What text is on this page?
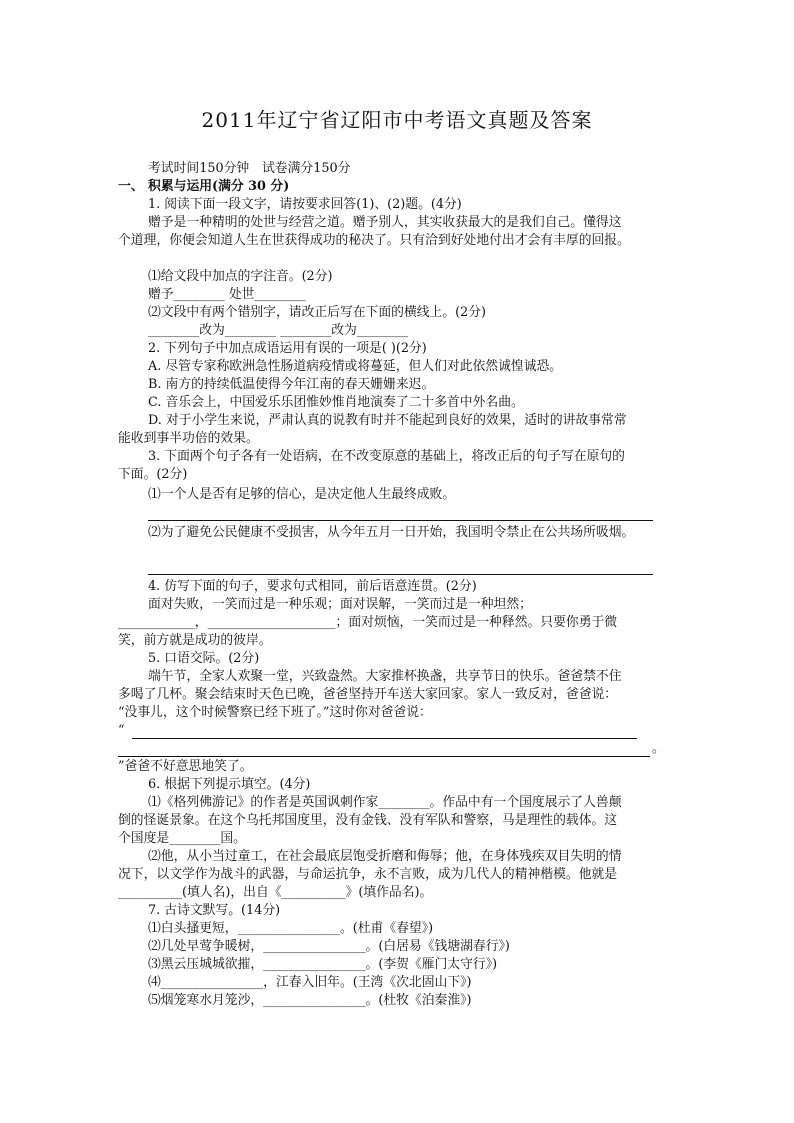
2011年辽宁省辽阳市中考语文真题及答案
考试时间150分钟　试卷满分150分
一、 积累与运用(满分 30 分)
1. 阅读下面一段文字，请按要求回答(1)、(2)题。(4分)
赠予是一种精明的处世与经营之道。赠予别人，其实收获最大的是我们自己。懂得这
个道理，你便会知道人生在世获得成功的秘决了。只有洽到好处地付出才会有丰厚的回报。
⑴给文段中加点的字注音。(2分)
赠予________ 处世________
⑵文段中有两个错别字，请改正后写在下面的横线上。(2分)
________改为________ ________改为________
2. 下列句子中加点成语运用有误的一项是( )(2分)
A. 尽管专家称欧洲急性肠道病疫情或将蔓延，但人们对此依然诚惶诚恐。
B. 南方的持续低温使得今年江南的春天姗姗来迟。
C. 音乐会上，中国爱乐乐团惟妙惟肖地演奏了二十多首中外名曲。
D. 对于小学生来说，严肃认真的说教有时并不能起到良好的效果，适时的讲故事常常
能收到事半功倍的效果。
3. 下面两个句子各有一处语病，在不改变原意的基础上，将改正后的句子写在原句的
下面。(2分)
⑴一个人是否有足够的信心，是决定他人生最终成败。
⑵为了避免公民健康不受损害，从今年五月一日开始，我国明令禁止在公共场所吸烟。
4. 仿写下面的句子，要求句式相同，前后语意连贯。(2分)
面对失败，一笑而过是一种乐观；面对误解，一笑而过是一种坦然；
____________，____________________；面对烦恼，一笑而过是一种释然。只要你勇于微
笑，前方就是成功的彼岸。
5. 口语交际。(2分)
端午节，全家人欢聚一堂，兴致盎然。大家推杯换盏，共享节日的快乐。爸爸禁不住
多喝了几杯。聚会结束时天色已晚，爸爸坚持开车送大家回家。家人一致反对，爸爸说：
“没事儿，这个时候警察已经下班了。”这时你对爸爸说：
“
。
”爸爸不好意思地笑了。
6. 根据下列提示填空。(4分)
⑴《格列佛游记》的作者是英国讽刺作家________。作品中有一个国度展示了人兽颠
倒的怪诞景象。在这个乌托邦国度里，没有金钱、没有军队和警察，马是理性的载体。这
个国度是________国。
⑵他，从小当过童工，在社会最底层饱受折磨和侮辱；他，在身体残疾双目失明的情
况下，以文学作为战斗的武器，与命运抗争，永不言败，成为几代人的精神楷模。他就是
__________(填人名)，出自《__________》(填作品名)。
7. 古诗文默写。(14分)
⑴白头搔更短，________________。(杜甫《春望》)
⑵几处早莺争暖树，________________。(白居易《钱塘湖春行》)
⑶黑云压城城欲摧，________________。(李贺《雁门太守行》)
⑷________________，江春入旧年。(王湾《次北固山下》)
⑸烟笼寒水月笼沙，________________。(杜牧《泊秦淮》)
